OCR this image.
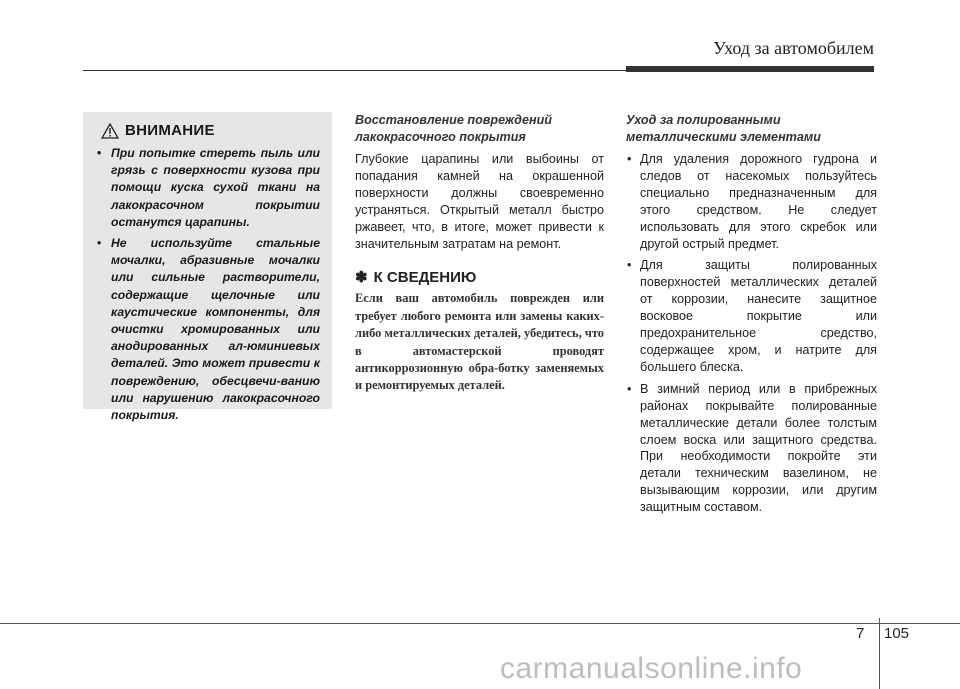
Уход за автомобилем
ВНИМАНИЕ
• При попытке стереть пыль или грязь с поверхности кузова при помощи куска сухой ткани на лакокрасочном покрытии останутся царапины.
• Не используйте стальные мочалки, абразивные мочалки или сильные растворители, содержащие щелочные или каустические компоненты, для очистки хромированных или анодированных ал-юминиевых деталей. Это может привести к повреждению, обесцвечи-ванию или нарушению лакокрасочного покрытия.
Восстановление повреждений лакокрасочного покрытия

Глубокие царапины или выбоины от попадания камней на окрашенной поверхности должны своевременно устраняться. Открытый металл быстро ржавеет, что, в итоге, может привести к значительным затратам на ремонт.

✽ К СВЕДЕНИЮ

Если ваш автомобиль поврежден или требует любого ремонта или замены каких-либо металлических деталей, убедитесь, что в автомастерской проводят антикоррозионную обра-ботку заменяемых и ремонтируемых деталей.

Уход за полированными металлическими элементами
• Для удаления дорожного гудрона и следов от насекомых пользуйтесь специально предназначенным для этого средством. Не следует использовать для этого скребок или другой острый предмет.
• Для защиты полированных поверхностей металлических деталей от коррозии, нанесите защитное восковое покрытие или предохранительное средство, содержащее хром, и натрите для большего блеска.
• В зимний период или в прибрежных районах покрывайте полированные металлические детали более толстым слоем воска или защитного средства. При необходимости покройте эти детали техническим вазелином, не вызывающим коррозии, или другим защитным составом.
7 105
carmanualsonline.info
